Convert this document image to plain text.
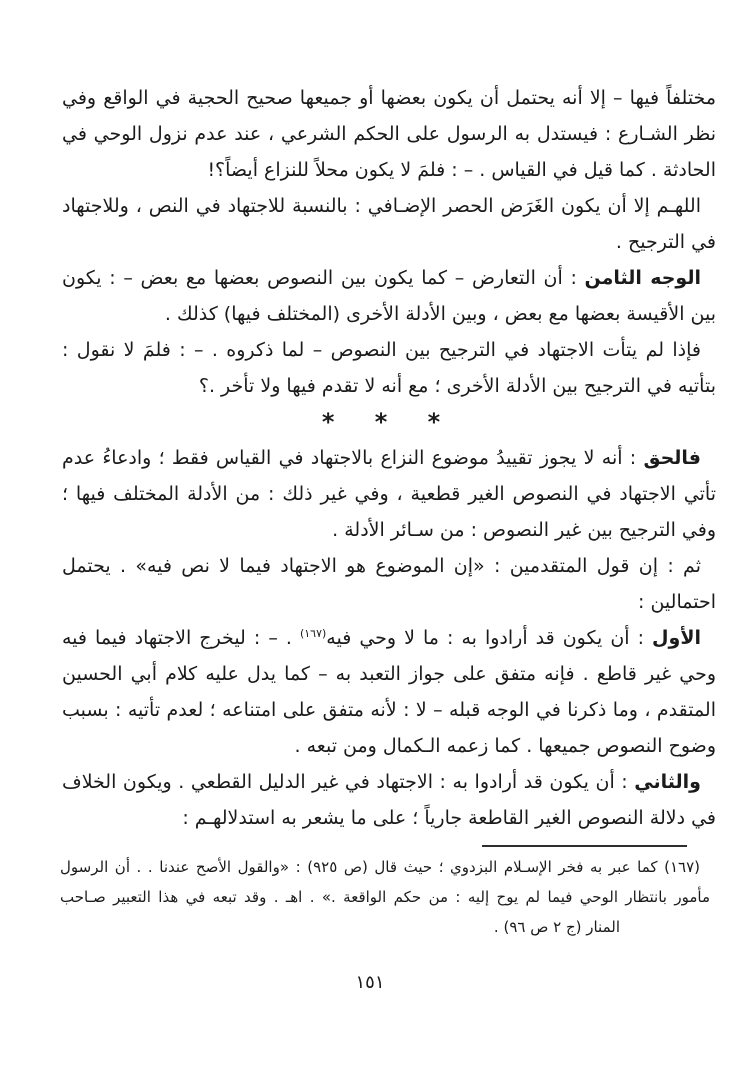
مختلفاً فيها – إلا أنه يحتمل أن يكون بعضها أو جميعها صحيح الحجية في الواقع وفي نظر الشـارع : فيستدل به الرسول على الحكم الشرعي ، عند عدم نزول الوحي في الحادثة . كما قيل في القياس . – : فلمَ لا يكون محلاً للنزاع أيضاً؟!

اللهـم إلا أن يكون الغَرَض الحصر الإضـافي : بالنسبة للاجتهاد في النص ، وللاجتهاد في الترجيح .

الوجه الثامن : أن التعارض – كما يكون بين النصوص بعضها مع بعض – : يكون بين الأقيسة بعضها مع بعض ، وبين الأدلة الأخرى (المختلف فيها) كذلك .

فإذا لم يتأت الاجتهاد في الترجيح بين النصوص – لما ذكروه . – : فلمَ لا نقول : بتأتيه في الترجيح بين الأدلة الأخرى ؛ مع أنه لا تقدم فيها ولا تأخر .؟

* * *

فالحق : أنه لا يجوز تقييدُ موضوع النزاع بالاجتهاد في القياس فقط ؛ وادعاءُ عدم تأتي الاجتهاد في النصوص الغير قطعية ، وفي غير ذلك : من الأدلة المختلف فيها ؛ وفي الترجيح بين غير النصوص : من سـائر الأدلة .

ثم : إن قول المتقدمين : «إن الموضوع هو الاجتهاد فيما لا نص فيه» . يحتمل احتمالين :

الأول : أن يكون قد أرادوا به : ما لا وحي فيه$^{(١٦٧)}$ . – : ليخرج الاجتهاد فيما فيه وحي غير قاطع . فإنه متفق على جواز التعبد به – كما يدل عليه كلام أبي الحسين المتقدم ، وما ذكرنا في الوجه قبله – لا : لأنه متفق على امتناعه ؛ لعدم تأتيه : بسبب وضوح النصوص جميعها . كما زعمه الـكمال ومن تبعه .

والثاني : أن يكون قد أرادوا به : الاجتهاد في غير الدليل القطعي . ويكون الخلاف في دلالة النصوص الغير القاطعة جارياً ؛ على ما يشعر به استدلالهـم :

(١٦٧) كما عبر به فخر الإسـلام البزدوي ؛ حيث قال (ص ٩٢٥) : «والقول الأصح عندنا . . أن الرسول
مأمور بانتظار الوحي فيما لم يوح إليه : من حكم الواقعة .» . اهـ . وقد تبعه في هذا التعبير صـاحب
المنار (ج ٢ ص ٩٦) .
١٥١
